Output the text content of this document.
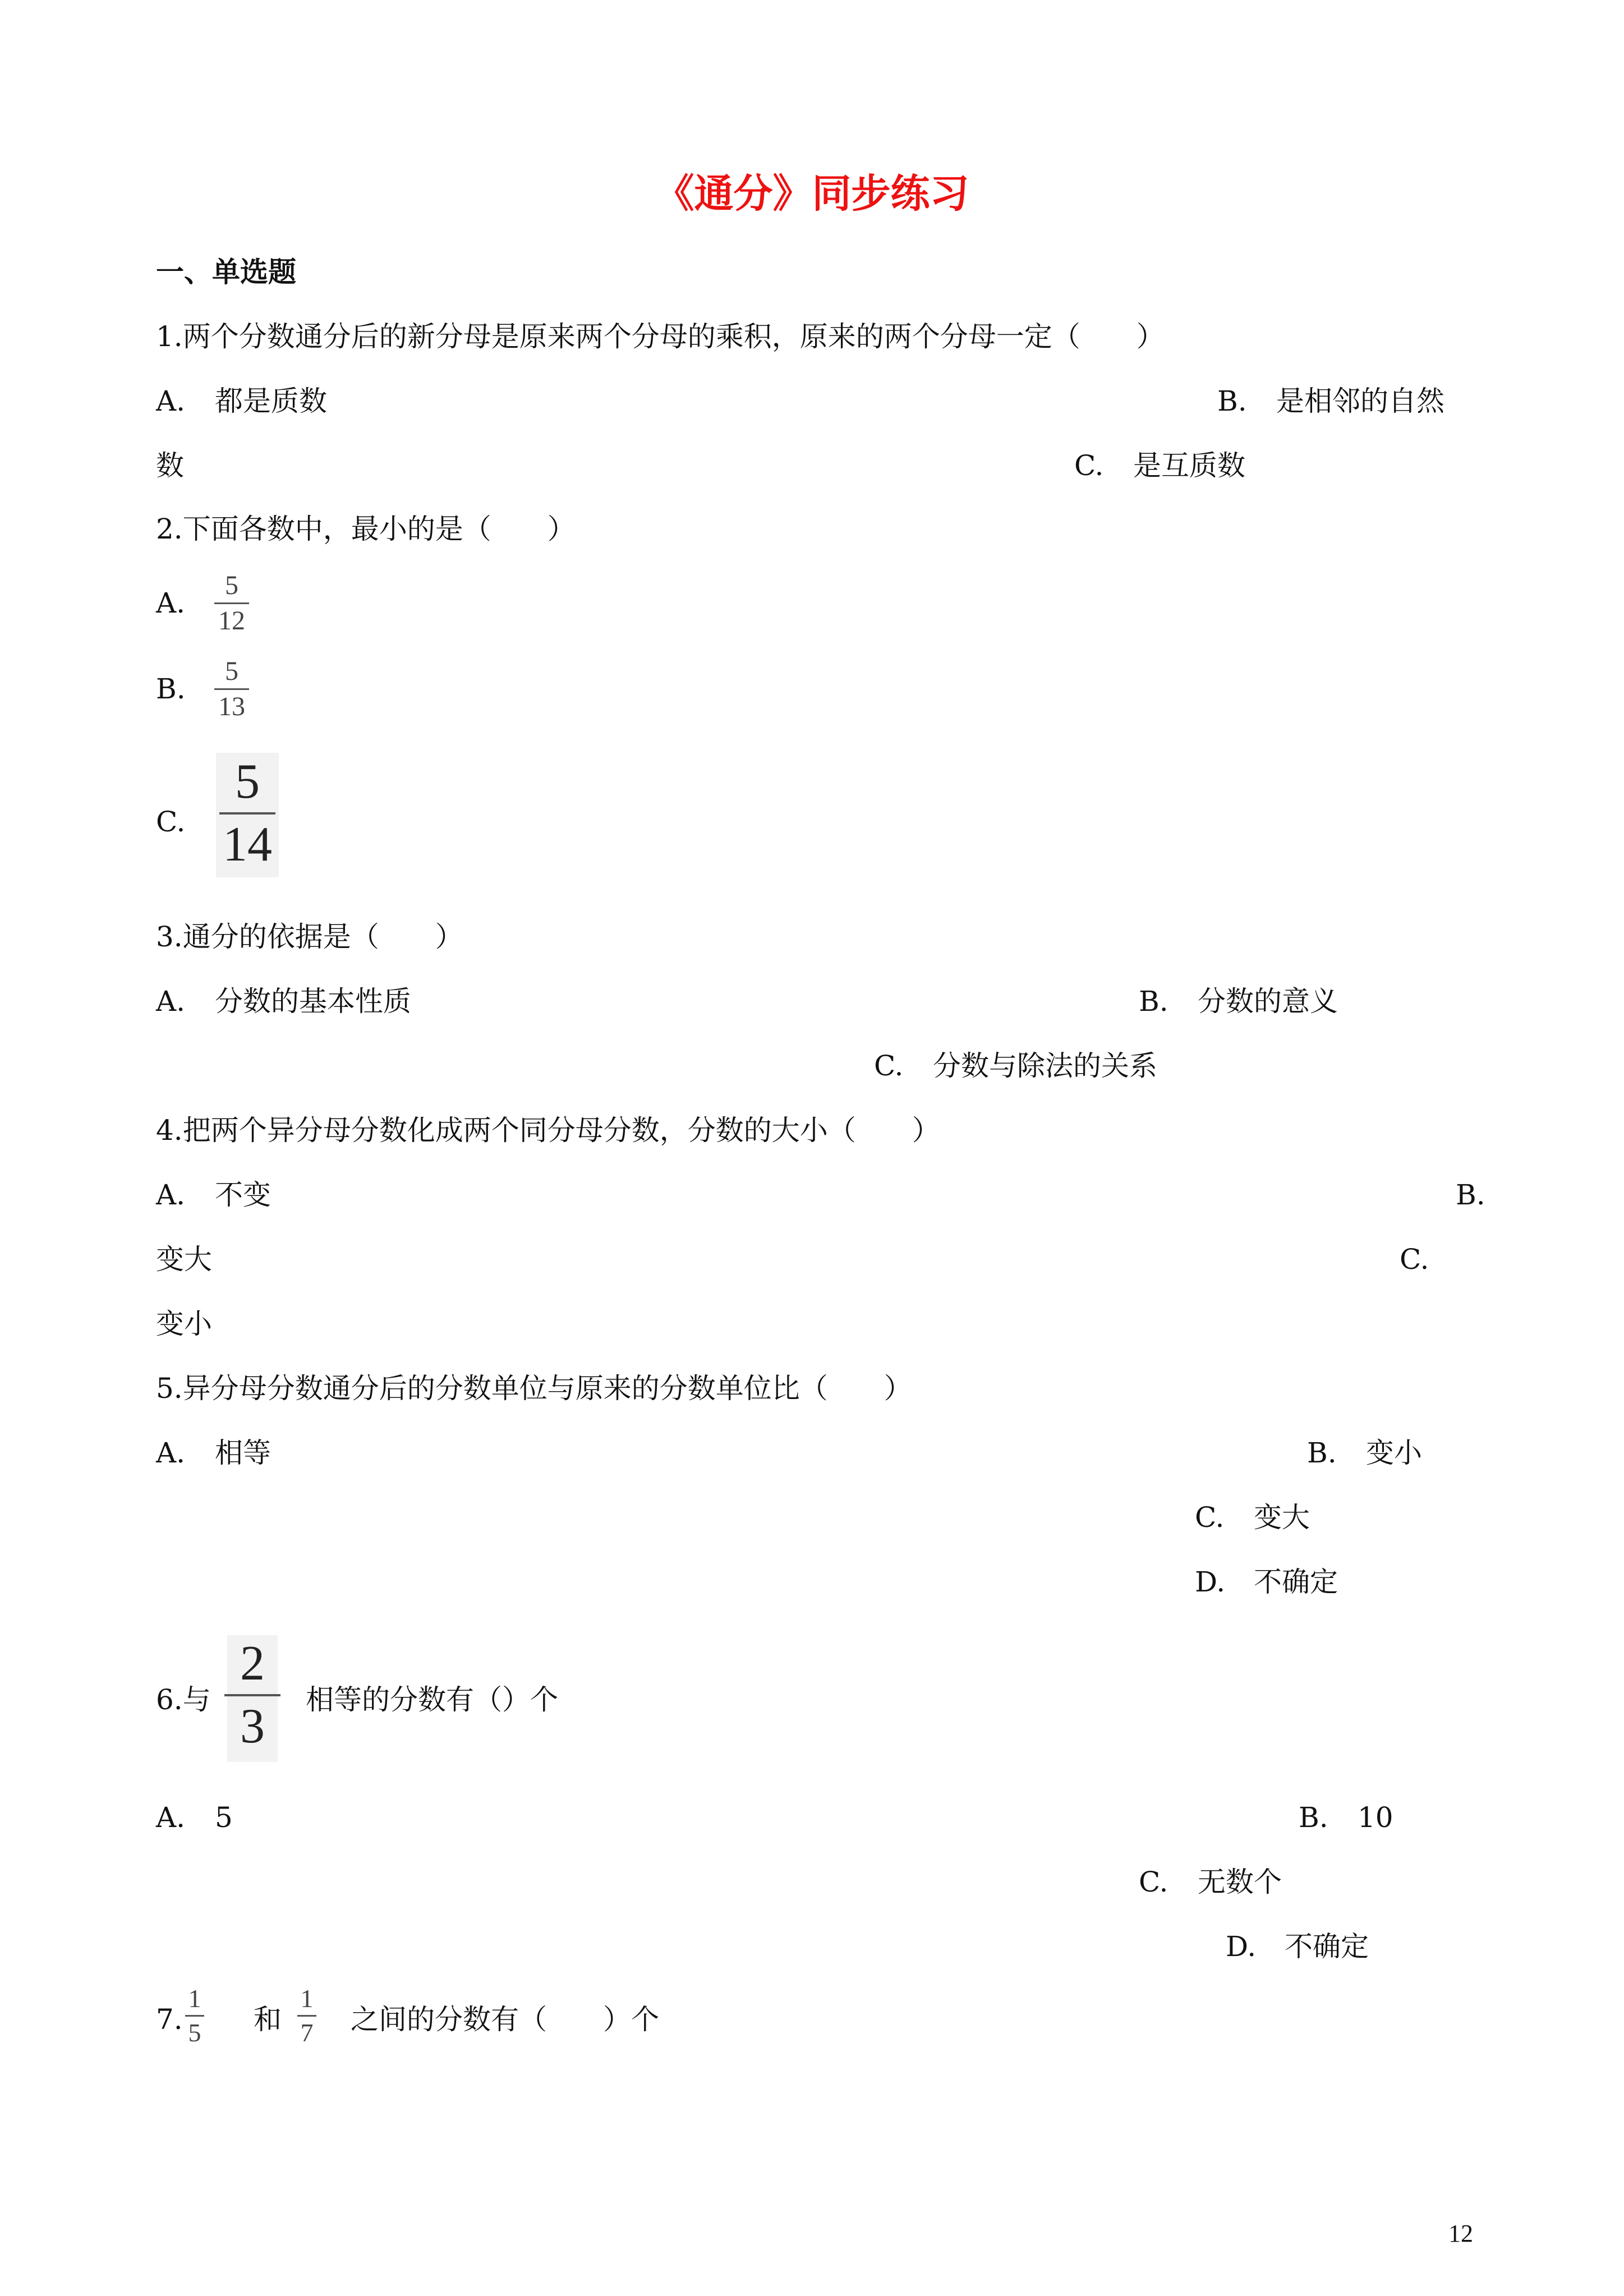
《通分》同步练习
一、单选题
1.两个分数通分后的新分母是原来两个分母的乘积，原来的两个分母一定（　　）
A. 都是质数	B. 是相邻的自然
数	C. 是互质数
2.下面各数中，最小的是（　　）
A.
5
12
B.
5
13
C.
5
14
3.通分的依据是（　　）
A. 分数的基本性质	B. 分数的意义
C. 分数与除法的关系
4.把两个异分母分数化成两个同分母分数，分数的大小（　　）
A. 不变	B.
变大	C.
变小
5.异分母分数通分后的分数单位与原来的分数单位比（　　）
A. 相等	B. 变小
C. 变大
D. 不确定
6.与
2
3 相等的分数有（）个
A. 5	B. 10
C. 无数个
D. 不确定
7.
1
5 和
1
7 之间的分数有（　　）个
12
